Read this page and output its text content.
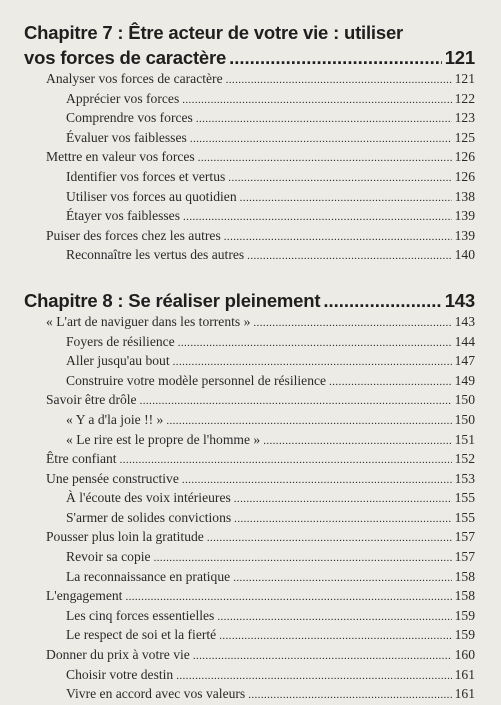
Chapitre 7 : Être acteur de votre vie : utiliser
vos forces de caractère .....	121
Analyser vos forces de caractère .....	121
Apprécier vos forces .....	122
Comprendre vos forces .....	123
Évaluer vos faiblesses .....	125
Mettre en valeur vos forces .....	126
Identifier vos forces et vertus .....	126
Utiliser vos forces au quotidien .....	138
Étayer vos faiblesses .....	139
Puiser des forces chez les autres .....	139
Reconnaître les vertus des autres .....	140
Chapitre 8 : Se réaliser pleinement .....	143
« L'art de naviguer dans les torrents » .....	143
Foyers de résilience .....	144
Aller jusqu'au bout .....	147
Construire votre modèle personnel de résilience .....	149
Savoir être drôle .....	150
« Y a d'la joie !! » .....	150
« Le rire est le propre de l'homme » .....	151
Être confiant .....	152
Une pensée constructive .....	153
À l'écoute des voix intérieures .....	155
S'armer de solides convictions .....	155
Pousser plus loin la gratitude .....	157
Revoir sa copie .....	157
La reconnaissance en pratique .....	158
L'engagement .....	158
Les cinq forces essentielles .....	159
Le respect de soi et la fierté .....	159
Donner du prix à votre vie .....	160
Choisir votre destin .....	161
Vivre en accord avec vos valeurs .....	161
